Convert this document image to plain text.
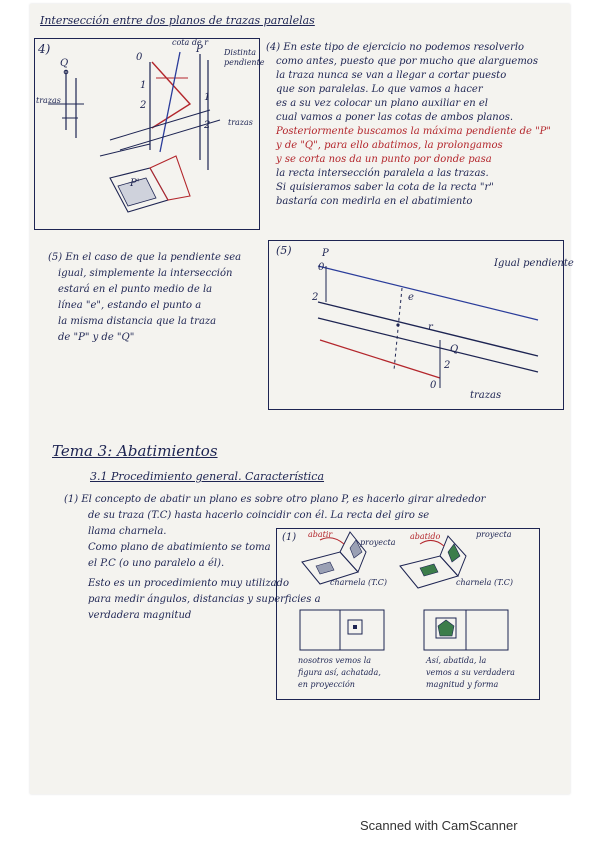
Intersección entre dos planos de trazas paralelas
4)	cota de r
Distinta
pendiente
trazas
trazas
Q
0
P
1
2
1
2
P'
(4) En este tipo de ejercicio no podemos resolverlo
como antes, puesto que por mucho que alarguemos
la traza nunca se van a llegar a cortar puesto
que son paralelas. Lo que vamos a hacer
es a su vez colocar un plano auxiliar en el
cual vamos a poner las cotas de ambos planos.
Posteriormente buscamos la máxima pendiente de "P"
y de "Q", para ello abatimos, la prolongamos
y se corta nos da un punto por donde pasa
la recta intersección paralela a las trazas.
Si quisieramos saber la cota de la recta "r"
bastaría con medirla en el abatimiento
(5) En el caso de que la pendiente sea
igual, simplemente la intersección
estará en el punto medio de la
línea "e", estando el punto a
la misma distancia que la traza
de "P" y de "Q"
(5)
Igual pendiente
P
0
2	e
r
Q
2
0
trazas
Tema 3: Abatimientos
3.1 Procedimiento general. Característica
(1) El concepto de abatir un plano es sobre otro plano P, es hacerlo girar alrededor
de su traza (T.C) hasta hacerlo coincidir con él. La recta del giro se
llama charnela.
Como plano de abatimiento se toma
el P.C (o uno paralelo a él).
Esto es un procedimiento muy utilizado
para medir ángulos, distancias y superficies a
verdadera magnitud
(1) abatir
proyecta
abatido	proyecta
charnela (T.C)	charnela (T.C)
nosotros vemos la
figura así, achatada,
en proyección
Así, abatida, la
vemos a su verdadera
magnitud y forma
Scanned with CamScanner
